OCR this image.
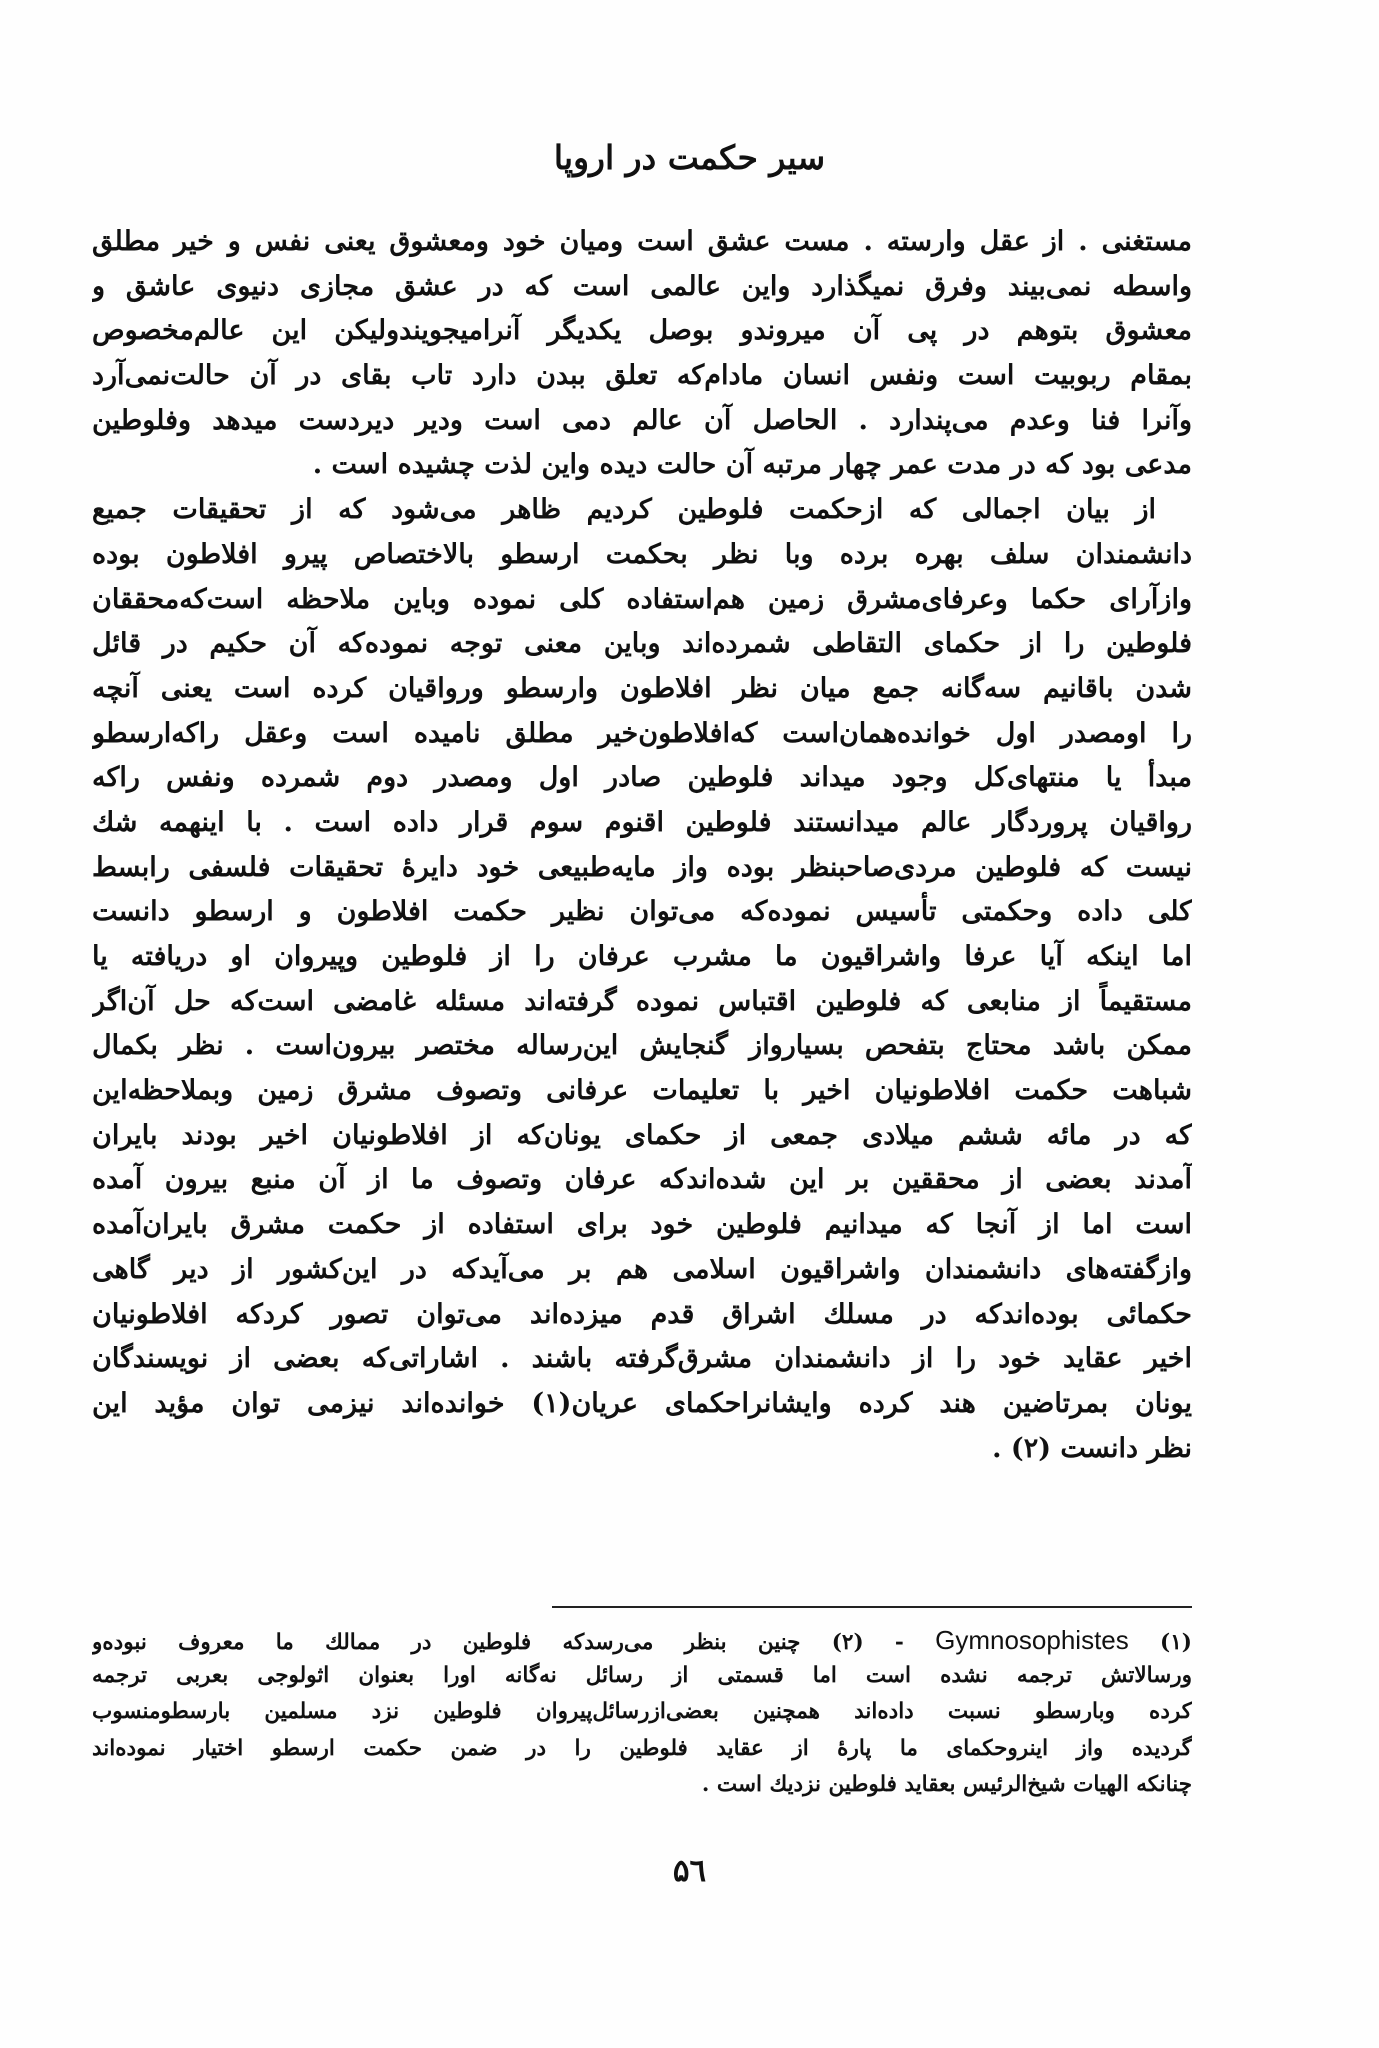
سیر حکمت در اروپا
مستغنی . از عقل وارسته . مست عشق است ومیان خود ومعشوق یعنی نفس و خیر مطلق
واسطه نمی‌بیند وفرق نمیگذارد واین عالمی است که در عشق مجازی دنیوی عاشق و
معشوق بتوهم در پی آن میروندو بوصل یکدیگر آنرامیجویندولیکن این عالم‌مخصوص
بمقام ربوبیت است ونفس انسان مادام‌که تعلق ببدن دارد تاب بقای در آن حالت‌نمی‌آرد
وآنرا فنا وعدم می‌پندارد . الحاصل آن عالم دمی است ودیر دیردست میدهد وفلوطین
مدعی بود که در مدت عمر چهار مرتبه آن حالت دیده واین لذت چشیده است .
از بیان اجمالی که ازحکمت فلوطین کردیم ظاهر می‌شود که از تحقیقات جمیع
دانشمندان سلف بهره برده وبا نظر بحکمت ارسطو بالاختصاص پیرو افلاطون بوده
وازآرای حکما وعرفای‌مشرق زمین هم‌استفاده کلی نموده وباین ملاحظه است‌که‌محققان
فلوطین را از حکمای التقاطی شمرده‌اند وباین معنی توجه نموده‌که آن حکیم در قائل
شدن باقانیم سه‌گانه جمع میان نظر افلاطون وارسطو ورواقیان کرده است یعنی آنچه
را اومصدر اول خوانده‌همان‌است که‌افلاطون‌خیر مطلق نامیده است وعقل راکه‌ارسطو
مبدأ یا منتهای‌کل وجود میداند فلوطین صادر اول ومصدر دوم شمرده ونفس راکه
رواقیان پروردگار عالم میدانستند فلوطین اقنوم سوم قرار داده است . با اینهمه شك
نیست که فلوطین مردی‌صاحبنظر بوده واز مایه‌طبیعی خود دایرهٔ تحقیقات فلسفی رابسط
کلی داده وحکمتی تأسیس نموده‌که می‌توان نظیر حکمت افلاطون و ارسطو دانست
اما اینکه آیا عرفا واشراقیون ما مشرب عرفان را از فلوطین وپیروان او دریافته یا
مستقیماً از منابعی که فلوطین اقتباس نموده گرفته‌اند مسئله غامضی است‌که حل آن‌اگر
ممکن باشد محتاج بتفحص بسیارواز گنجایش این‌رساله مختصر بیرون‌است . نظر بکمال
شباهت حکمت افلاطونیان اخیر با تعلیمات عرفانی وتصوف مشرق زمین وبملاحظه‌این
که در مائه ششم میلادی جمعی از حکمای یونان‌که از افلاطونیان اخیر بودند بایران
آمدند بعضی از محققین بر این شده‌اندکه عرفان وتصوف ما از آن منبع بیرون آمده
است اما از آنجا که میدانیم فلوطین خود برای استفاده از حکمت مشرق بایران‌آمده
وازگفته‌های دانشمندان واشراقیون اسلامی هم بر می‌آیدکه در این‌کشور از دیر گاهی
حکمائی بوده‌اندکه در مسلك اشراق قدم میزده‌اند می‌توان تصور کرد‌که افلاطونیان
اخیر عقاید خود را از دانشمندان مشرق‌گرفته باشند . اشاراتی‌که بعضی از نویسندگان
یونان بمرتاضین هند کرده وایشانراحکمای عریان(۱) خوانده‌اند نیزمی توان مؤید این
نظر دانست (۲) .
(۱) Gymnosophistes - (۲) چنین بنظر می‌رسدکه فلوطین در ممالك ما معروف نبوده‌و
ورسالاتش ترجمه نشده است اما قسمتی از رسائل نه‌گانه اورا بعنوان اثولوجی بعربی ترجمه
کرده وبارسطو نسبت داده‌اند همچنین بعضی‌ازرسائل‌پیروان فلوطین نزد مسلمین بارسطومنسوب
گردیده واز اینروحکمای ما پارهٔ از عقاید فلوطین را در ضمن حکمت ارسطو اختیار نموده‌اند
چنانکه الهیات شیخ‌الرئیس بعقاید فلوطین نزدیك است .
۵٦
